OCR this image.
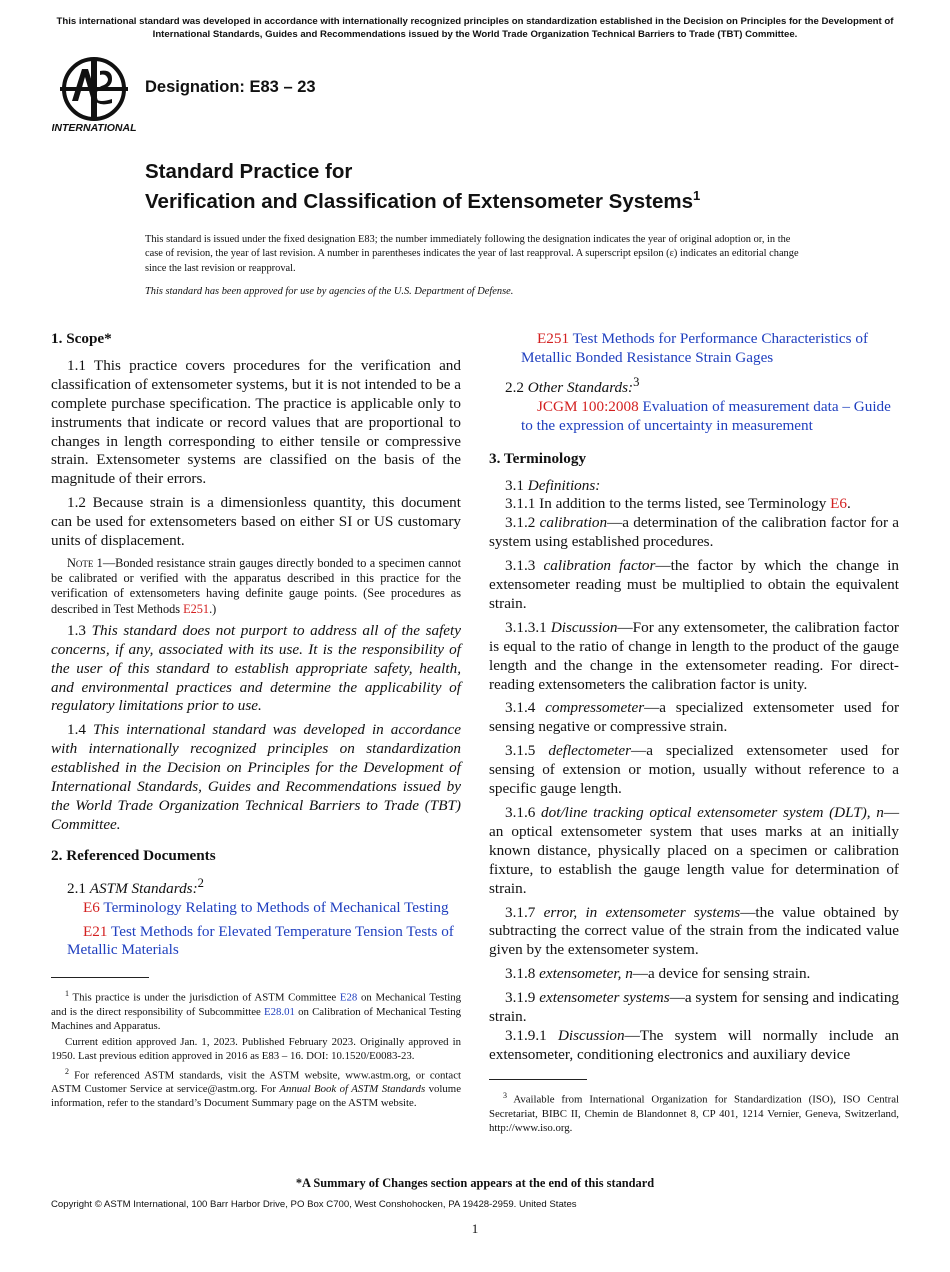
This international standard was developed in accordance with internationally recognized principles on standardization established in the Decision on Principles for the Development of International Standards, Guides and Recommendations issued by the World Trade Organization Technical Barriers to Trade (TBT) Committee.
INTERNATIONAL
Designation: E83 – 23
Standard Practice for
Verification and Classification of Extensometer Systems$^1$
This standard is issued under the fixed designation E83; the number immediately following the designation indicates the year of original adoption or, in the case of revision, the year of last revision. A number in parentheses indicates the year of last reapproval. A superscript epsilon (ε) indicates an editorial change since the last revision or reapproval.
This standard has been approved for use by agencies of the U.S. Department of Defense.
1. Scope*

1.1 This practice covers procedures for the verification and classification of extensometer systems, but it is not intended to be a complete purchase specification. The practice is applicable only to instruments that indicate or record values that are proportional to changes in length corresponding to either tensile or compressive strain. Extensometer systems are classified on the basis of the magnitude of their errors.

1.2 Because strain is a dimensionless quantity, this document can be used for extensometers based on either SI or US customary units of displacement.

Note 1—Bonded resistance strain gauges directly bonded to a specimen cannot be calibrated or verified with the apparatus described in this practice for the verification of extensometers having definite gauge points. (See procedures as described in Test Methods E251.)

1.3 This standard does not purport to address all of the safety concerns, if any, associated with its use. It is the responsibility of the user of this standard to establish appropriate safety, health, and environmental practices and determine the applicability of regulatory limitations prior to use.

1.4 This international standard was developed in accordance with internationally recognized principles on standardization established in the Decision on Principles for the Development of International Standards, Guides and Recommendations issued by the World Trade Organization Technical Barriers to Trade (TBT) Committee.

2. Referenced Documents

2.1 ASTM Standards:$^2$

E6 Terminology Relating to Methods of Mechanical Testing

E21 Test Methods for Elevated Temperature Tension Tests of Metallic Materials

$^1$ This practice is under the jurisdiction of ASTM Committee E28 on Mechanical Testing and is the direct responsibility of Subcommittee E28.01 on Calibration of Mechanical Testing Machines and Apparatus.

Current edition approved Jan. 1, 2023. Published February 2023. Originally approved in 1950. Last previous edition approved in 2016 as E83 – 16. DOI: 10.1520/E0083-23.

$^2$ For referenced ASTM standards, visit the ASTM website, www.astm.org, or contact ASTM Customer Service at service@astm.org. For Annual Book of ASTM Standards volume information, refer to the standard’s Document Summary page on the ASTM website.

E251 Test Methods for Performance Characteristics of Metallic Bonded Resistance Strain Gages

2.2 Other Standards:$^3$

JCGM 100:2008 Evaluation of measurement data – Guide to the expression of uncertainty in measurement

3. Terminology

3.1 Definitions:

3.1.1 In addition to the terms listed, see Terminology E6.

3.1.2 calibration—a determination of the calibration factor for a system using established procedures.

3.1.3 calibration factor—the factor by which the change in extensometer reading must be multiplied to obtain the equivalent strain.

3.1.3.1 Discussion—For any extensometer, the calibration factor is equal to the ratio of change in length to the product of the gauge length and the change in the extensometer reading. For direct-reading extensometers the calibration factor is unity.

3.1.4 compressometer—a specialized extensometer used for sensing negative or compressive strain.

3.1.5 deflectometer—a specialized extensometer used for sensing of extension or motion, usually without reference to a specific gauge length.

3.1.6 dot/line tracking optical extensometer system (DLT), n—an optical extensometer system that uses marks at an initially known distance, physically placed on a specimen or calibration fixture, to establish the gauge length value for determination of strain.

3.1.7 error, in extensometer systems—the value obtained by subtracting the correct value of the strain from the indicated value given by the extensometer system.

3.1.8 extensometer, n—a device for sensing strain.

3.1.9 extensometer systems—a system for sensing and indicating strain.

3.1.9.1 Discussion—The system will normally include an extensometer, conditioning electronics and auxiliary device

$^3$ Available from International Organization for Standardization (ISO), ISO Central Secretariat, BIBC II, Chemin de Blandonnet 8, CP 401, 1214 Vernier, Geneva, Switzerland, http://www.iso.org.

*A Summary of Changes section appears at the end of this standard
Copyright © ASTM International, 100 Barr Harbor Drive, PO Box C700, West Conshohocken, PA 19428-2959. United States
1
